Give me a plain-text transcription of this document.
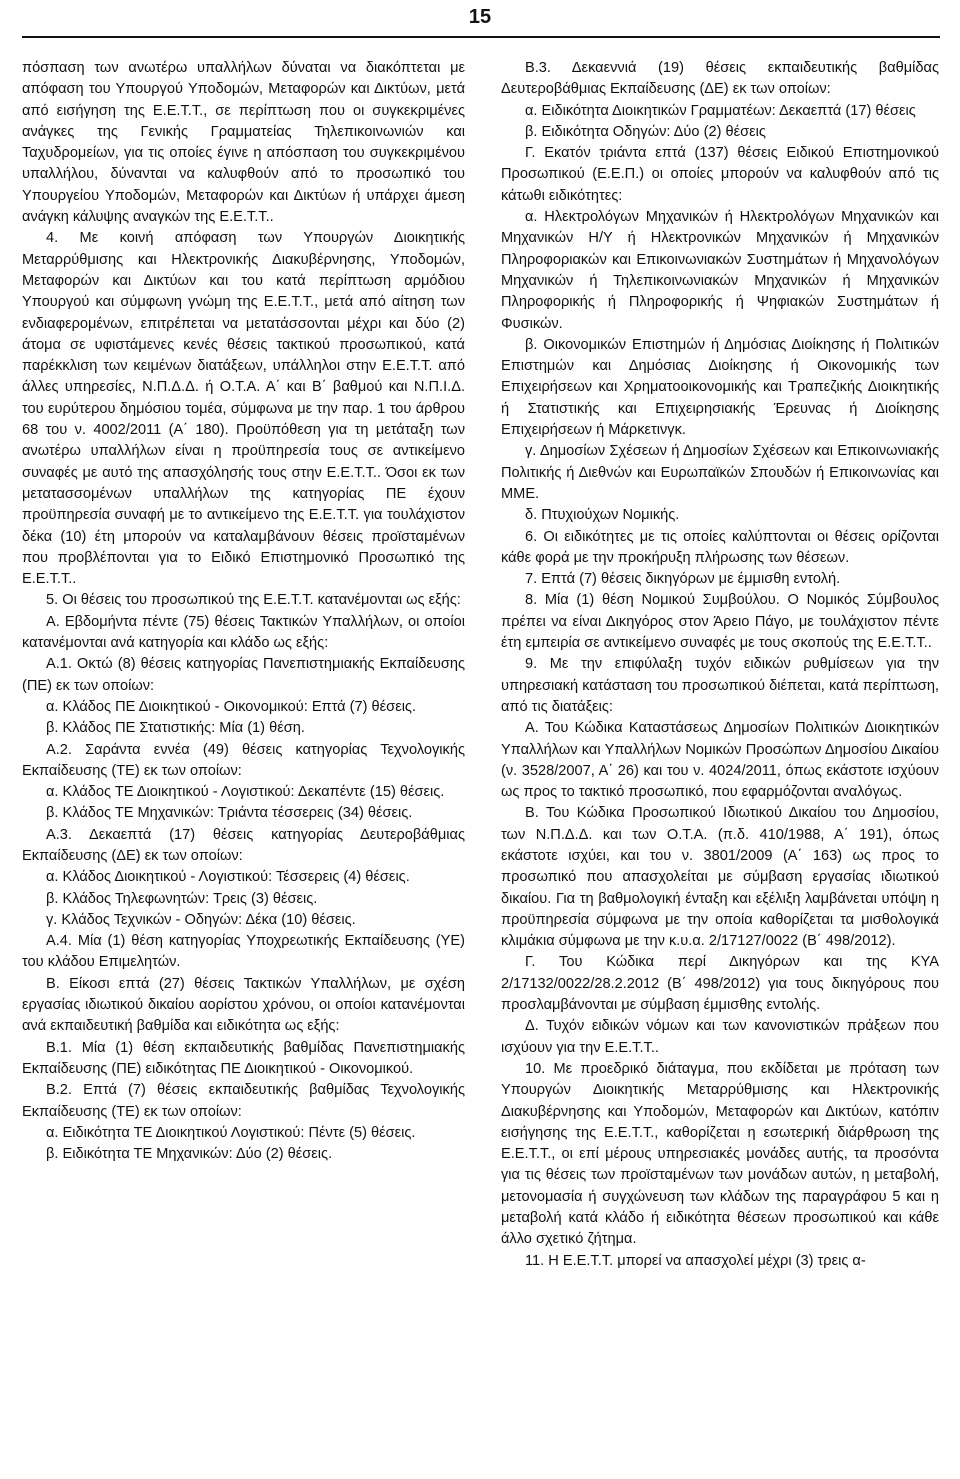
15

πόσπαση των ανωτέρω υπαλλήλων δύναται να διακόπτεται με απόφαση του Υπουργού Υποδομών, Μεταφορών και Δικτύων, μετά από εισήγηση της Ε.Ε.Τ.Τ., σε περίπτωση που οι συγκεκριμένες ανάγκες της Γενικής Γραμματείας Τηλεπικοινωνιών και Ταχυδρομείων, για τις οποίες έγινε η απόσπαση του συγκεκριμένου υπαλλήλου, δύνανται να καλυφθούν από το προσωπικό του Υπουργείου Υποδομών, Μεταφορών και Δικτύων ή υπάρχει άμεση ανάγκη κάλυψης αναγκών της Ε.Ε.Τ.Τ..

4. Με κοινή απόφαση των Υπουργών Διοικητικής Μεταρρύθμισης και Ηλεκτρονικής Διακυβέρνησης, Υποδομών, Μεταφορών και Δικτύων και του κατά περίπτωση αρμόδιου Υπουργού και σύμφωνη γνώμη της Ε.Ε.Τ.Τ., μετά από αίτηση των ενδιαφερομένων, επιτρέπεται να μετατάσσονται μέχρι και δύο (2) άτομα σε υφιστάμενες κενές θέσεις τακτικού προσωπικού, κατά παρέκκλιση των κειμένων διατάξεων, υπάλληλοι στην Ε.Ε.Τ.Τ. από άλλες υπηρεσίες, Ν.Π.Δ.Δ. ή Ο.Τ.Α. Α΄ και Β΄ βαθμού και Ν.Π.Ι.Δ. του ευρύτερου δημόσιου τομέα, σύμφωνα με την παρ. 1 του άρθρου 68 του ν. 4002/2011 (Α΄ 180). Προϋπόθεση για τη μετάταξη των ανωτέρω υπαλλήλων είναι η προϋπηρεσία τους σε αντικείμενο συναφές με αυτό της απασχόλησής τους στην Ε.Ε.Τ.Τ.. Όσοι εκ των μετατασσομένων υπαλλήλων της κατηγορίας ΠΕ έχουν προϋπηρεσία συναφή με το αντικείμενο της Ε.Ε.Τ.Τ. για τουλάχιστον δέκα (10) έτη μπορούν να καταλαμβάνουν θέσεις προϊσταμένων που προβλέπονται για το Ειδικό Επιστημονικό Προσωπικό της Ε.Ε.Τ.Τ..

5. Οι θέσεις του προσωπικού της Ε.Ε.Τ.Τ. κατανέμονται ως εξής:

Α. Εβδομήντα πέντε (75) θέσεις Τακτικών Υπαλλήλων, οι οποίοι κατανέμονται ανά κατηγορία και κλάδο ως εξής:

Α.1. Οκτώ (8) θέσεις κατηγορίας Πανεπιστημιακής Εκπαίδευσης (ΠΕ) εκ των οποίων:

α. Κλάδος ΠΕ Διοικητικού - Οικονομικού: Επτά (7) θέσεις.

β. Κλάδος ΠΕ Στατιστικής: Μία (1) θέση.

Α.2. Σαράντα εννέα (49) θέσεις κατηγορίας Τεχνολογικής Εκπαίδευσης (ΤΕ) εκ των οποίων:

α. Κλάδος ΤΕ Διοικητικού - Λογιστικού: Δεκαπέντε (15) θέσεις.

β. Κλάδος ΤΕ Μηχανικών: Τριάντα τέσσερεις (34) θέσεις.

Α.3. Δεκαεπτά (17) θέσεις κατηγορίας Δευτεροβάθμιας Εκπαίδευσης (ΔΕ) εκ των οποίων:

α. Κλάδος Διοικητικού - Λογιστικού: Τέσσερεις (4) θέσεις.

β. Κλάδος Τηλεφωνητών: Τρεις (3) θέσεις.

γ. Κλάδος Τεχνικών - Οδηγών: Δέκα (10) θέσεις.

Α.4. Μία (1) θέση κατηγορίας Υποχρεωτικής Εκπαίδευσης (ΥΕ) του κλάδου Επιμελητών.

Β. Είκοσι επτά (27) θέσεις Τακτικών Υπαλλήλων, με σχέση εργασίας ιδιωτικού δικαίου αορίστου χρόνου, οι οποίοι κατανέμονται ανά εκπαιδευτική βαθμίδα και ειδικότητα ως εξής:

Β.1. Μία (1) θέση εκπαιδευτικής βαθμίδας Πανεπιστημιακής Εκπαίδευσης (ΠΕ) ειδικότητας ΠΕ Διοικητικού - Οικονομικού.

Β.2. Επτά (7) θέσεις εκπαιδευτικής βαθμίδας Τεχνολογικής Εκπαίδευσης (ΤΕ) εκ των οποίων:

α. Ειδικότητα ΤΕ Διοικητικού Λογιστικού: Πέντε (5) θέσεις.

β. Ειδικότητα ΤΕ Μηχανικών: Δύο (2) θέσεις.

Β.3. Δεκαεννιά (19) θέσεις εκπαιδευτικής βαθμίδας Δευτεροβάθμιας Εκπαίδευσης (ΔΕ) εκ των οποίων:

α. Ειδικότητα Διοικητικών Γραμματέων: Δεκαεπτά (17) θέσεις

β. Ειδικότητα Οδηγών: Δύο (2) θέσεις

Γ. Εκατόν τριάντα επτά (137) θέσεις Ειδικού Επιστημονικού Προσωπικού (Ε.Ε.Π.) οι οποίες μπορούν να καλυφθούν από τις κάτωθι ειδικότητες:

α. Ηλεκτρολόγων Μηχανικών ή Ηλεκτρολόγων Μηχανικών και Μηχανικών Η/Υ ή Ηλεκτρονικών Μηχανικών ή Μηχανικών Πληροφοριακών και Επικοινωνιακών Συστημάτων ή Μηχανολόγων Μηχανικών ή Τηλεπικοινωνιακών Μηχανικών ή Μηχανικών Πληροφορικής ή Πληροφορικής ή Ψηφιακών Συστημάτων ή Φυσικών.

β. Οικονομικών Επιστημών ή Δημόσιας Διοίκησης ή Πολιτικών Επιστημών και Δημόσιας Διοίκησης ή Οικονομικής των Επιχειρήσεων και Χρηματοοικονομικής και Τραπεζικής Διοικητικής ή Στατιστικής και Επιχειρησιακής Έρευνας ή Διοίκησης Επιχειρήσεων ή Μάρκετινγκ.

γ. Δημοσίων Σχέσεων ή Δημοσίων Σχέσεων και Επικοινωνιακής Πολιτικής ή Διεθνών και Ευρωπαϊκών Σπουδών ή Επικοινωνίας και ΜΜΕ.

δ. Πτυχιούχων Νομικής.

6. Οι ειδικότητες με τις οποίες καλύπτονται οι θέσεις ορίζονται κάθε φορά με την προκήρυξη πλήρωσης των θέσεων.

7. Επτά (7) θέσεις δικηγόρων με έμμισθη εντολή.

8. Μία (1) θέση Νομικού Συμβούλου. Ο Νομικός Σύμβουλος πρέπει να είναι Δικηγόρος στον Άρειο Πάγο, με τουλάχιστον πέντε έτη εμπειρία σε αντικείμενο συναφές με τους σκοπούς της Ε.Ε.Τ.Τ..

9. Με την επιφύλαξη τυχόν ειδικών ρυθμίσεων για την υπηρεσιακή κατάσταση του προσωπικού διέπεται, κατά περίπτωση, από τις διατάξεις:

Α. Του Κώδικα Καταστάσεως Δημοσίων Πολιτικών Διοικητικών Υπαλλήλων και Υπαλλήλων Νομικών Προσώπων Δημοσίου Δικαίου (ν. 3528/2007, Α΄ 26) και του ν. 4024/2011, όπως εκάστοτε ισχύουν ως προς το τακτικό προσωπικό, που εφαρμόζονται αναλόγως.

Β. Του Κώδικα Προσωπικού Ιδιωτικού Δικαίου του Δημοσίου, των Ν.Π.Δ.Δ. και των Ο.Τ.Α. (π.δ. 410/1988, Α΄ 191), όπως εκάστοτε ισχύει, και του ν. 3801/2009 (Α΄ 163) ως προς το προσωπικό που απασχολείται με σύμβαση εργασίας ιδιωτικού δικαίου. Για τη βαθμολογική ένταξη και εξέλιξη λαμβάνεται υπόψη η προϋπηρεσία σύμφωνα με την οποία καθορίζεται τα μισθολογικά κλιμάκια σύμφωνα με την κ.υ.α. 2/17127/0022 (Β΄ 498/2012).

Γ. Του Κώδικα περί Δικηγόρων και της ΚΥΑ 2/17132/0022/28.2.2012 (Β΄ 498/2012) για τους δικηγόρους που προσλαμβάνονται με σύμβαση έμμισθης εντολής.

Δ. Τυχόν ειδικών νόμων και των κανονιστικών πράξεων που ισχύουν για την Ε.Ε.Τ.Τ..

10. Με προεδρικό διάταγμα, που εκδίδεται με πρόταση των Υπουργών Διοικητικής Μεταρρύθμισης και Ηλεκτρονικής Διακυβέρνησης και Υποδομών, Μεταφορών και Δικτύων, κατόπιν εισήγησης της Ε.Ε.Τ.Τ., καθορίζεται η εσωτερική διάρθρωση της Ε.Ε.Τ.Τ., οι επί μέρους υπηρεσιακές μονάδες αυτής, τα προσόντα για τις θέσεις των προϊσταμένων των μονάδων αυτών, η μεταβολή, μετονομασία ή συγχώνευση των κλάδων της παραγράφου 5 και η μεταβολή κατά κλάδο ή ειδικότητα θέσεων προσωπικού και κάθε άλλο σχετικό ζήτημα.

11. Η Ε.Ε.Τ.Τ. μπορεί να απασχολεί μέχρι (3) τρεις α-
